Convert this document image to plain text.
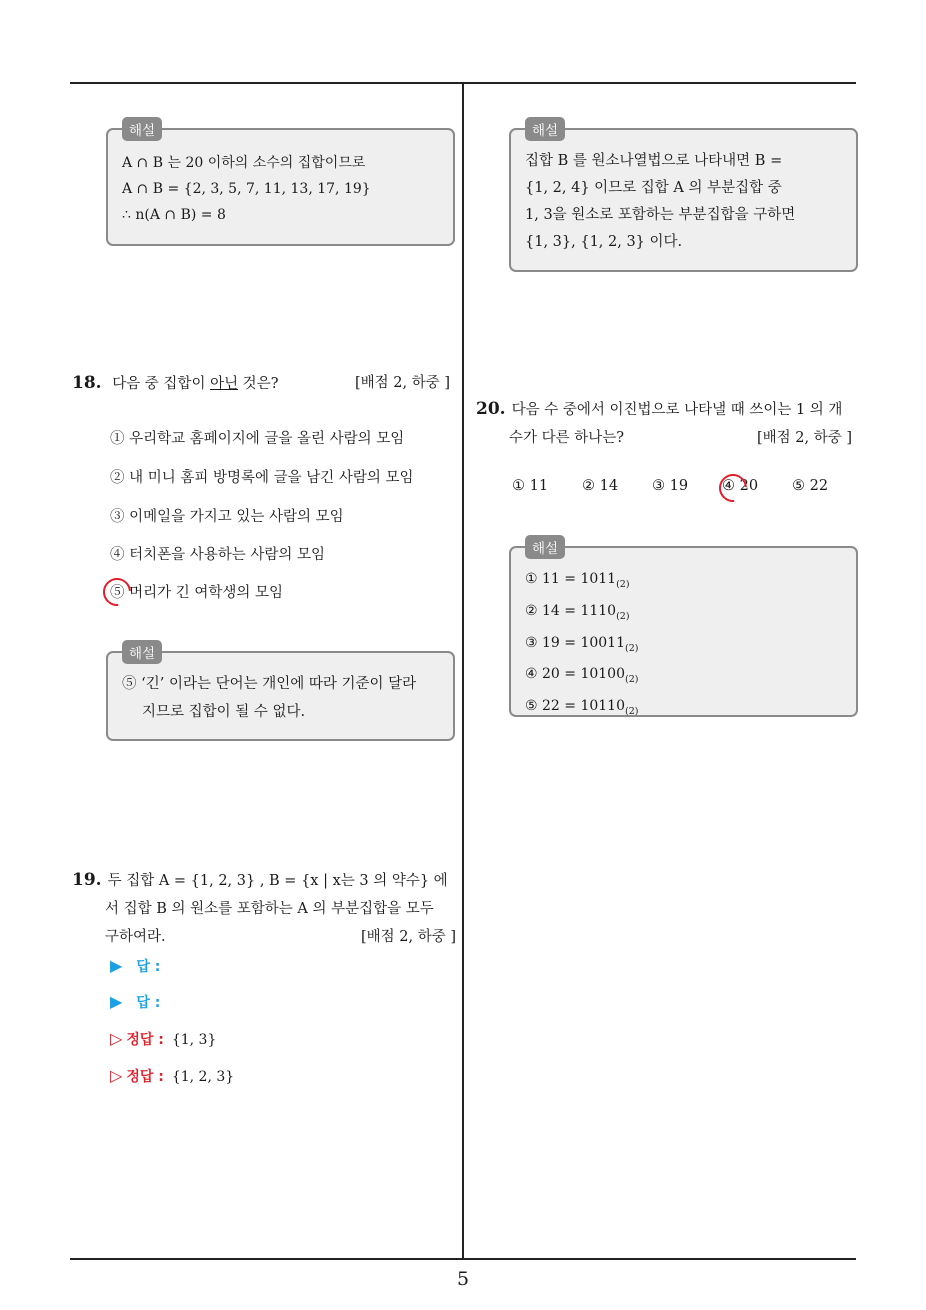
해설
A ∩ B 는 20 이하의 소수의 집합이므로
A ∩ B = {2, 3, 5, 7, 11, 13, 17, 19}
∴ n(A ∩ B) = 8
18. 다음 중 집합이 아닌 것은?	[배점 2, 하중 ]
① 우리학교 홈페이지에 글을 올린 사람의 모임
② 내 미니 홈피 방명록에 글을 남긴 사람의 모임
③ 이메일을 가지고 있는 사람의 모임
④ 터치폰을 사용하는 사람의 모임
⑤ 머리가 긴 여학생의 모임
해설
⑤ ‘긴’ 이라는 단어는 개인에 따라 기준이 달라
지므로 집합이 될 수 없다.
19. 두 집합 A = {1, 2, 3} , B = {x | x는 3 의 약수} 에
서 집합 B 의 원소를 포함하는 A 의 부분집합을 모두
구하여라.	[배점 2, 하중 ]
▶ 답 :
▶ 답 :
▷ 정답 : {1, 3}
▷ 정답 : {1, 2, 3}
해설
집합 B 를 원소나열법으로 나타내면 B =
{1, 2, 4} 이므로 집합 A 의 부분집합 중
1, 3을 원소로 포함하는 부분집합을 구하면
{1, 3}, {1, 2, 3} 이다.
20. 다음 수 중에서 이진법으로 나타낼 때 쓰이는 1 의 개
수가 다른 하나는?	[배점 2, 하중 ]
① 11 ② 14 ③ 19 ④ 20 ⑤ 22
해설
① $11 = 1011_{(2)}$
② $14 = 1110_{(2)}$
③ $19 = 10011_{(2)}$
④ $20 = 10100_{(2)}$
⑤ $22 = 10110_{(2)}$
5
